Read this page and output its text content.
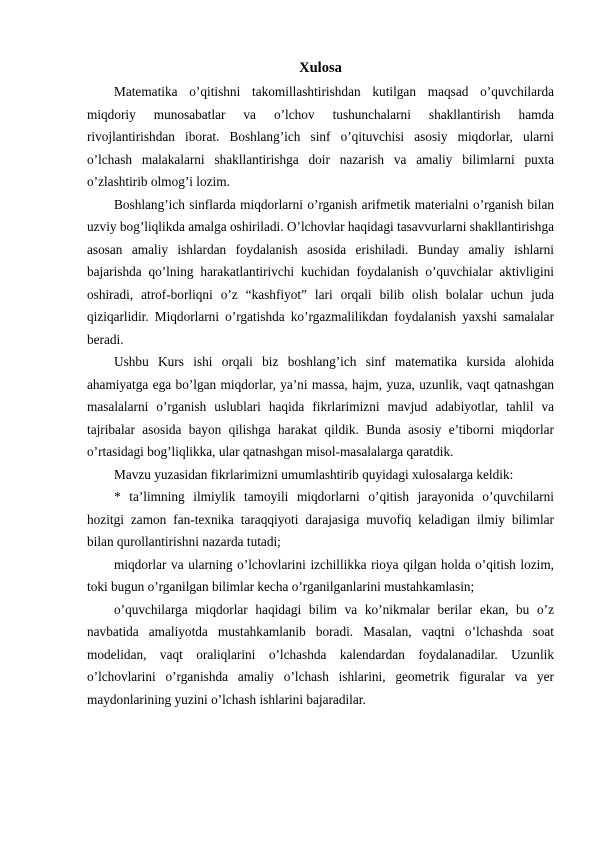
Xulosa

Matematika o’qitishni takomillashtirishdan kutilgan maqsad o’quvchilarda miqdoriy munosabatlar va o’lchov tushunchalarni shakllantirish hamda rivojlantirishdan iborat. Boshlang’ich sinf o’qituvchisi asosiy miqdorlar, ularni o’lchash malakalarni shakllantirishga doir nazarish va amaliy bilimlarni puxta o’zlashtirib olmog’i lozim.

Boshlang’ich sinflarda miqdorlarni o’rganish arifmetik materialni o’rganish bilan uzviy bog’liqlikda amalga oshiriladi. O’lchovlar haqidagi tasavvurlarni shakllantirishga asosan amaliy ishlardan foydalanish asosida erishiladi. Bunday amaliy ishlarni bajarishda qo’lning harakatlantirivchi kuchidan foydalanish o’quvchialar aktivligini oshiradi, atrof-borliqni o’z “kashfiyot” lari orqali bilib olish bolalar uchun juda qiziqarlidir. Miqdorlarni o’rgatishda ko’rgazmalilikdan foydalanish yaxshi samalalar beradi.

Ushbu Kurs ishi orqali biz boshlang’ich sinf matematika kursida alohida ahamiyatga ega bo’lgan miqdorlar, ya’ni massa, hajm, yuza, uzunlik, vaqt qatnashgan masalalarni o’rganish uslublari haqida fikrlarimizni mavjud adabiyotlar, tahlil va tajribalar asosida bayon qilishga harakat qildik. Bunda asosiy e’tiborni miqdorlar o’rtasidagi bog’liqlikka, ular qatnashgan misol-masalalarga qaratdik.

Mavzu yuzasidan fikrlarimizni umumlashtirib quyidagi xulosalarga keldik:

* ta’limning ilmiylik tamoyili miqdorlarni o’qitish jarayonida o’quvchilarni hozitgi zamon fan-texnika taraqqiyoti darajasiga muvofiq keladigan ilmiy bilimlar bilan qurollantirishni nazarda tutadi;

miqdorlar va ularning o’lchovlarini izchillikka rioya qilgan holda o’qitish lozim, toki bugun o’rganilgan bilimlar kecha o’rganilganlarini mustahkamlasin;

o’quvchilarga miqdorlar haqidagi bilim va ko’nikmalar berilar ekan, bu o’z navbatida amaliyotda mustahkamlanib boradi. Masalan, vaqtni o’lchashda soat modelidan, vaqt oraliqlarini o’lchashda kalendardan foydalanadilar. Uzunlik o’lchovlarini o’rganishda amaliy o’lchash ishlarini, geometrik figuralar va yer maydonlarining yuzini o’lchash ishlarini bajaradilar.
